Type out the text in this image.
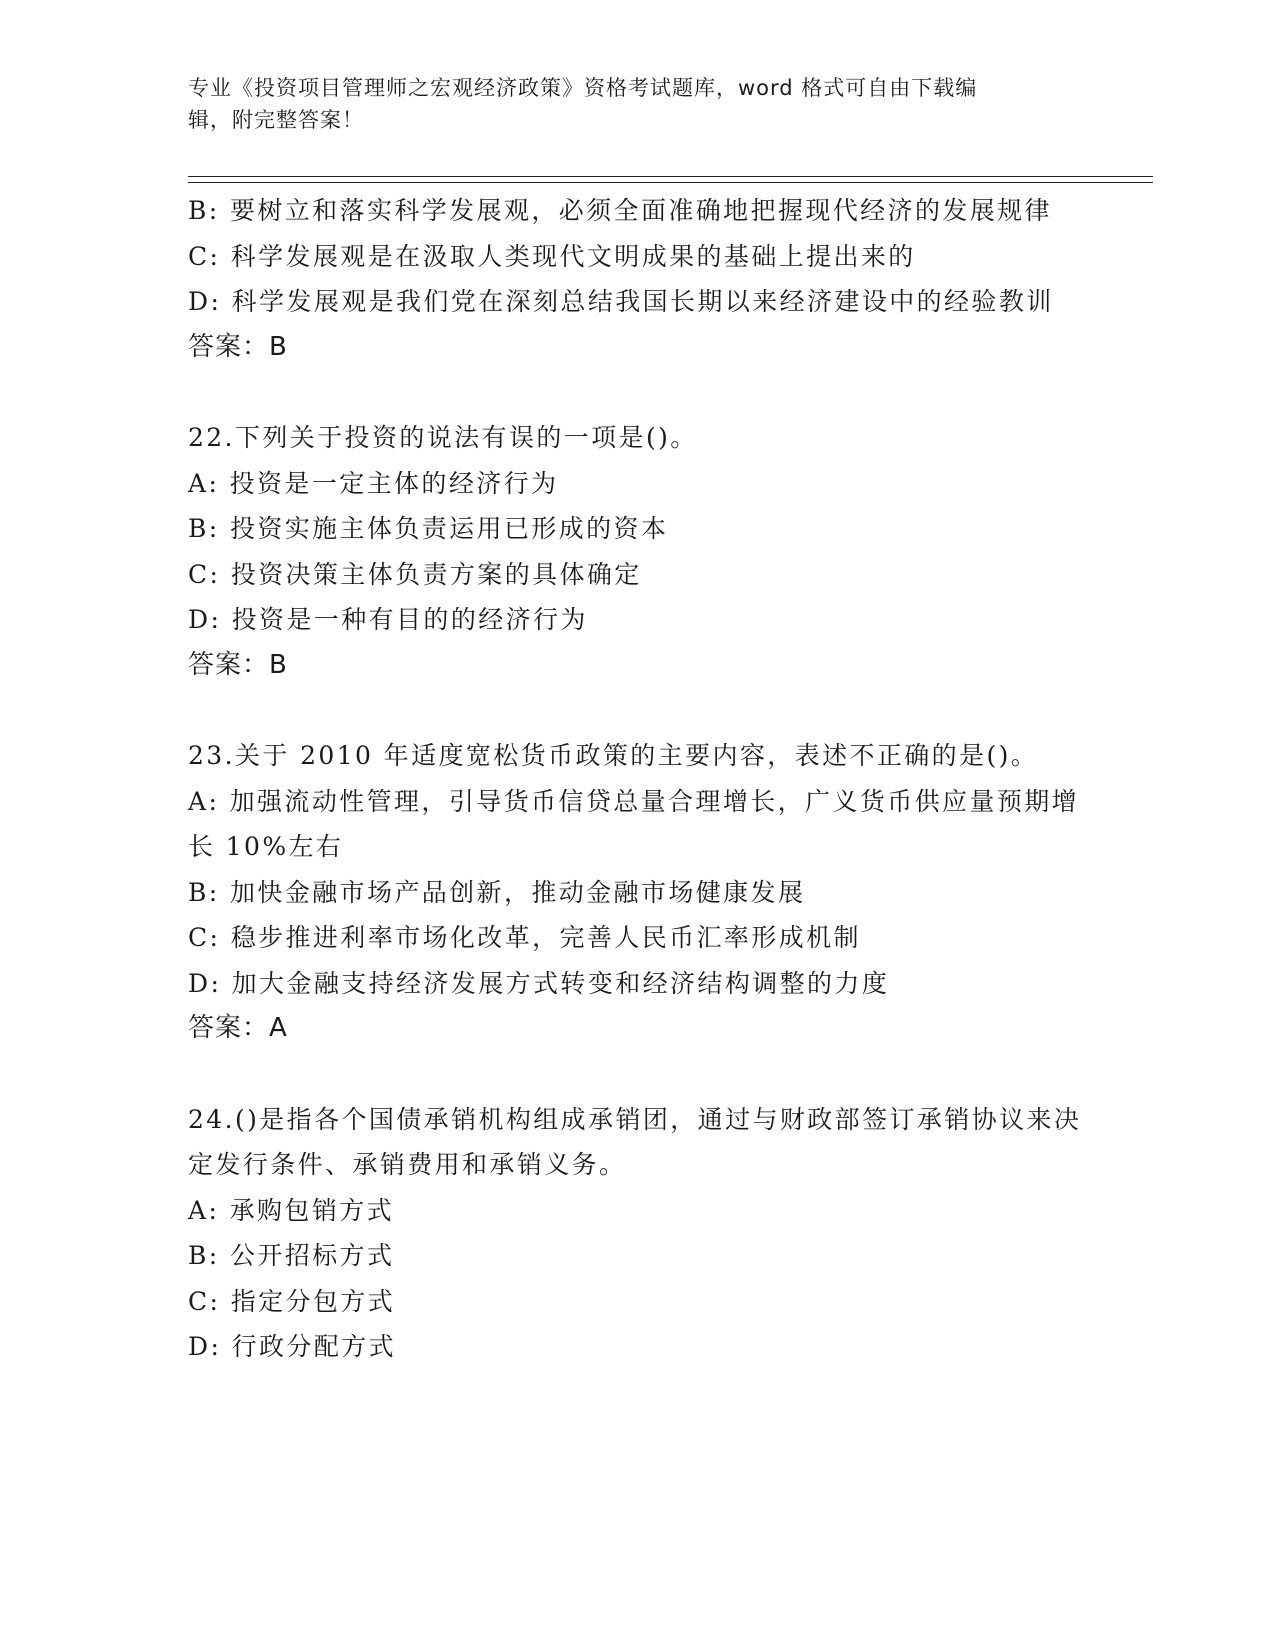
专业《投资项目管理师之宏观经济政策》资格考试题库，word 格式可自由下载编
辑，附完整答案！

B: 要树立和落实科学发展观，必须全面准确地把握现代经济的发展规律

C: 科学发展观是在汲取人类现代文明成果的基础上提出来的

D: 科学发展观是我们党在深刻总结我国长期以来经济建设中的经验教训

答案：B

22.下列关于投资的说法有误的一项是()。

A: 投资是一定主体的经济行为

B: 投资实施主体负责运用已形成的资本

C: 投资决策主体负责方案的具体确定

D: 投资是一种有目的的经济行为

答案：B

23.关于 2010 年适度宽松货币政策的主要内容，表述不正确的是()。

A: 加强流动性管理，引导货币信贷总量合理增长，广义货币供应量预期增长 10%左右

B: 加快金融市场产品创新，推动金融市场健康发展

C: 稳步推进利率市场化改革，完善人民币汇率形成机制

D: 加大金融支持经济发展方式转变和经济结构调整的力度

答案：A

24.()是指各个国债承销机构组成承销团，通过与财政部签订承销协议来决定发行条件、承销费用和承销义务。

A: 承购包销方式

B: 公开招标方式

C: 指定分包方式

D: 行政分配方式
